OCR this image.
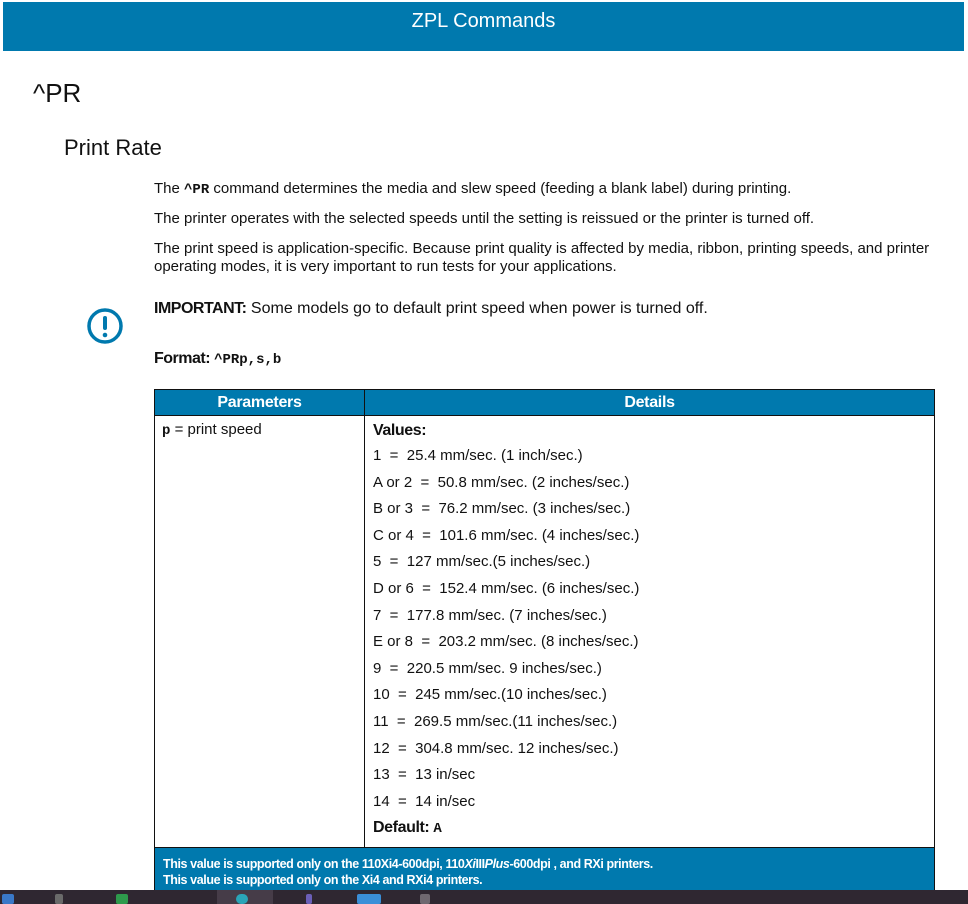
ZPL Commands
^PR
Print Rate
The ^PR command determines the media and slew speed (feeding a blank label) during printing.
The printer operates with the selected speeds until the setting is reissued or the printer is turned off.
The print speed is application-specific. Because print quality is affected by media, ribbon, printing speeds, and printer operating modes, it is very important to run tests for your applications.
IMPORTANT: Some models go to default print speed when power is turned off.
Format: ^PRp,s,b
Parameters	Details
p = print speed	Values:
1  =  25.4 mm/sec. (1 inch/sec.)
A or 2  =  50.8 mm/sec. (2 inches/sec.)
B or 3  =  76.2 mm/sec. (3 inches/sec.)
C or 4  =  101.6 mm/sec. (4 inches/sec.)
5  =  127 mm/sec.(5 inches/sec.)
D or 6  =  152.4 mm/sec. (6 inches/sec.)
7  =  177.8 mm/sec. (7 inches/sec.)
E or 8  =  203.2 mm/sec. (8 inches/sec.)
9  =  220.5 mm/sec. 9 inches/sec.)
10  =  245 mm/sec.(10 inches/sec.)
11  =  269.5 mm/sec.(11 inches/sec.)
12  =  304.8 mm/sec. 12 inches/sec.)
13  =  13 in/sec
14  =  14 in/sec
Default: A
This value is supported only on the 110Xi4-600dpi, 110XiIIIPlus-600dpi , and RXi printers.
This value is supported only on the Xi4 and RXi4 printers.
